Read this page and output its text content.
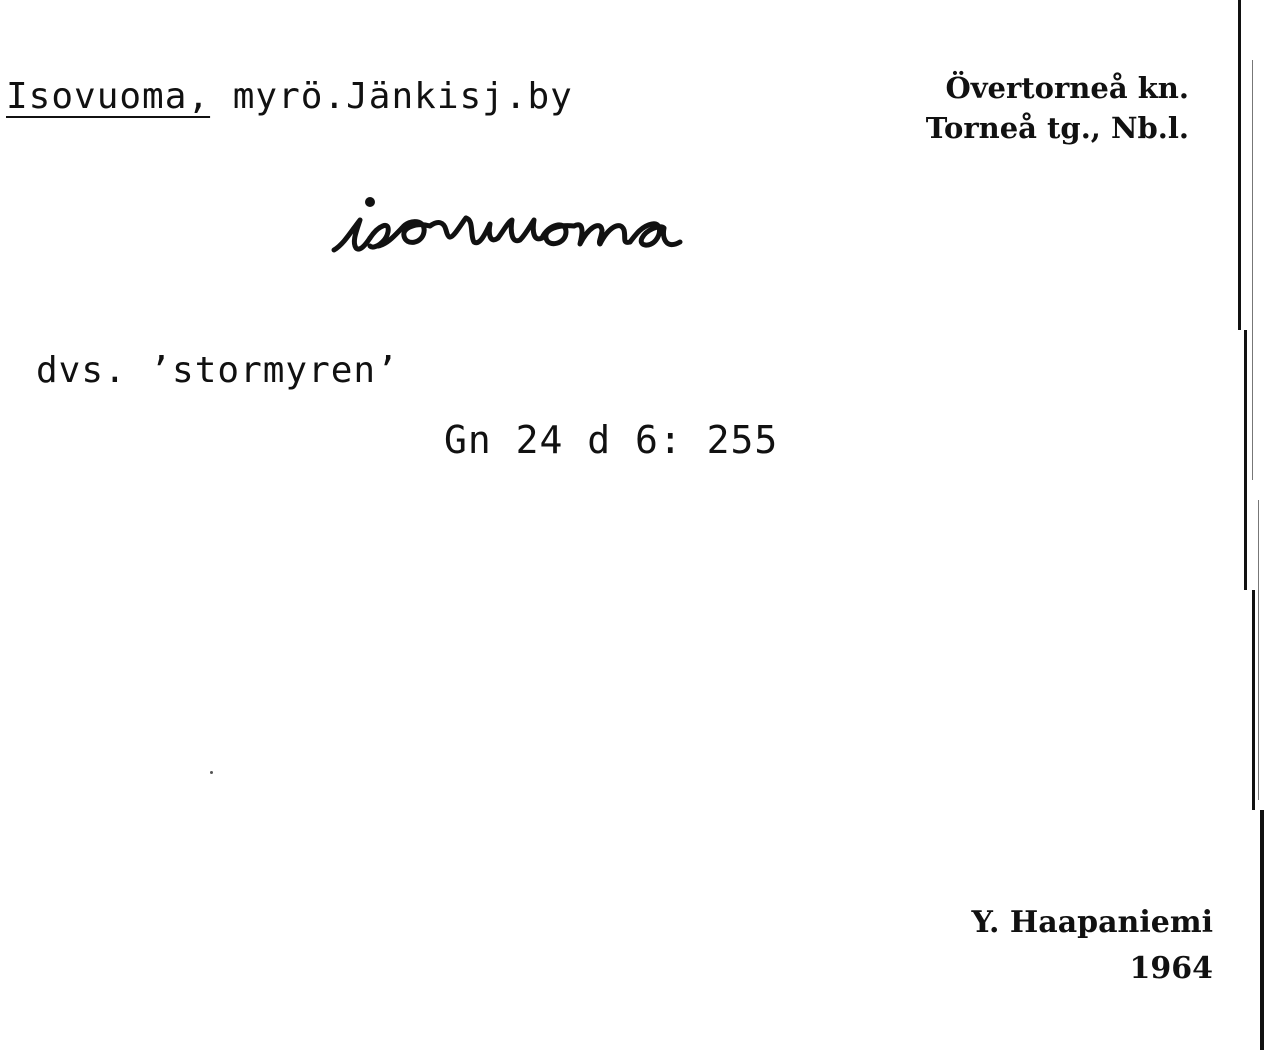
Isovuoma, myrö.Jänkisj.by	Övertorneå kn.
Torneå tg., Nb.l.
dvs. ’stormyren’
Gn 24 d 6: 255
Y. Haapaniemi
1964
